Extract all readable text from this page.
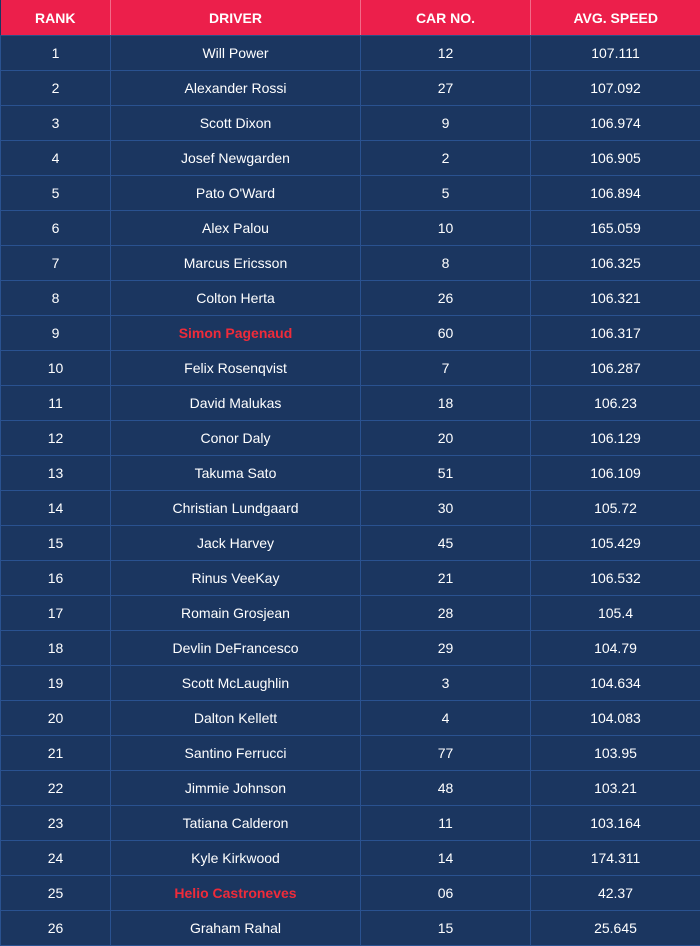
RANK	DRIVER	CAR NO.	AVG. SPEED
1	Will Power	12	107.111
2	Alexander Rossi	27	107.092
3	Scott Dixon	9	106.974
4	Josef Newgarden	2	106.905
5	Pato O'Ward	5	106.894
6	Alex Palou	10	165.059
7	Marcus Ericsson	8	106.325
8	Colton Herta	26	106.321
9	Simon Pagenaud	60	106.317
10	Felix Rosenqvist	7	106.287
11	David Malukas	18	106.23
12	Conor Daly	20	106.129
13	Takuma Sato	51	106.109
14	Christian Lundgaard	30	105.72
15	Jack Harvey	45	105.429
16	Rinus VeeKay	21	106.532
17	Romain Grosjean	28	105.4
18	Devlin DeFrancesco	29	104.79
19	Scott McLaughlin	3	104.634
20	Dalton Kellett	4	104.083
21	Santino Ferrucci	77	103.95
22	Jimmie Johnson	48	103.21
23	Tatiana Calderon	11	103.164
24	Kyle Kirkwood	14	174.311
25	Helio Castroneves	06	42.37
26	Graham Rahal	15	25.645
